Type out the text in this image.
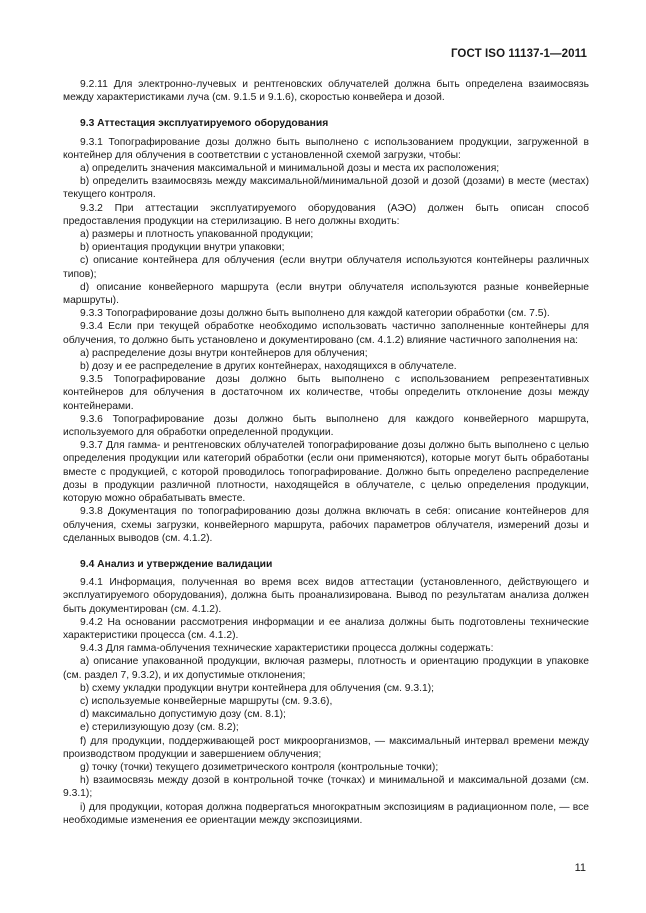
ГОСТ ISO 11137-1—2011

9.2.11 Для электронно-лучевых и рентгеновских облучателей должна быть определена взаимосвязь между характеристиками луча (см. 9.1.5 и 9.1.6), скоростью конвейера и дозой.

9.3 Аттестация эксплуатируемого оборудования

9.3.1 Топографирование дозы должно быть выполнено с использованием продукции, загруженной в контейнер для облучения в соответствии с установленной схемой загрузки, чтобы:

a) определить значения максимальной и минимальной дозы и места их расположения;

b) определить взаимосвязь между максимальной/минимальной дозой и дозой (дозами) в месте (местах) текущего контроля.

9.3.2 При аттестации эксплуатируемого оборудования (АЭО) должен быть описан способ предоставления продукции на стерилизацию. В него должны входить:

a) размеры и плотность упакованной продукции;

b) ориентация продукции внутри упаковки;

c) описание контейнера для облучения (если внутри облучателя используются контейнеры различных типов);

d) описание конвейерного маршрута (если внутри облучателя используются разные конвейерные маршруты).

9.3.3 Топографирование дозы должно быть выполнено для каждой категории обработки (см. 7.5).

9.3.4 Если при текущей обработке необходимо использовать частично заполненные контейнеры для облучения, то должно быть установлено и документировано (см. 4.1.2) влияние частичного заполнения на:

a) распределение дозы внутри контейнеров для облучения;

b) дозу и ее распределение в других контейнерах, находящихся в облучателе.

9.3.5 Топографирование дозы должно быть выполнено с использованием репрезентативных контейнеров для облучения в достаточном их количестве, чтобы определить отклонение дозы между контейнерами.

9.3.6 Топографирование дозы должно быть выполнено для каждого конвейерного маршрута, используемого для обработки определенной продукции.

9.3.7 Для гамма- и рентгеновских облучателей топографирование дозы должно быть выполнено с целью определения продукции или категорий обработки (если они применяются), которые могут быть обработаны вместе с продукцией, с которой проводилось топографирование. Должно быть определено распределение дозы в продукции различной плотности, находящейся в облучателе, с целью определения продукции, которую можно обрабатывать вместе.

9.3.8 Документация по топографированию дозы должна включать в себя: описание контейнеров для облучения, схемы загрузки, конвейерного маршрута, рабочих параметров облучателя, измерений дозы и сделанных выводов (см. 4.1.2).

9.4 Анализ и утверждение валидации

9.4.1 Информация, полученная во время всех видов аттестации (установленного, действующего и эксплуатируемого оборудования), должна быть проанализирована. Вывод по результатам анализа должен быть документирован (см. 4.1.2).

9.4.2 На основании рассмотрения информации и ее анализа должны быть подготовлены технические характеристики процесса (см. 4.1.2).

9.4.3 Для гамма-облучения технические характеристики процесса должны содержать:

a) описание упакованной продукции, включая размеры, плотность и ориентацию продукции в упаковке (см. раздел 7, 9.3.2), и их допустимые отклонения;

b) схему укладки продукции внутри контейнера для облучения (см. 9.3.1);

c) используемые конвейерные маршруты (см. 9.3.6),

d) максимально допустимую дозу (см. 8.1);

e) стерилизующую дозу (см. 8.2);

f) для продукции, поддерживающей рост микроорганизмов, — максимальный интервал времени между производством продукции и завершением облучения;

g) точку (точки) текущего дозиметрического контроля (контрольные точки);

h) взаимосвязь между дозой в контрольной точке (точках) и минимальной и максимальной дозами (см. 9.3.1);

i) для продукции, которая должна подвергаться многократным экспозициям в радиационном поле, — все необходимые изменения ее ориентации между экспозициями.

11
